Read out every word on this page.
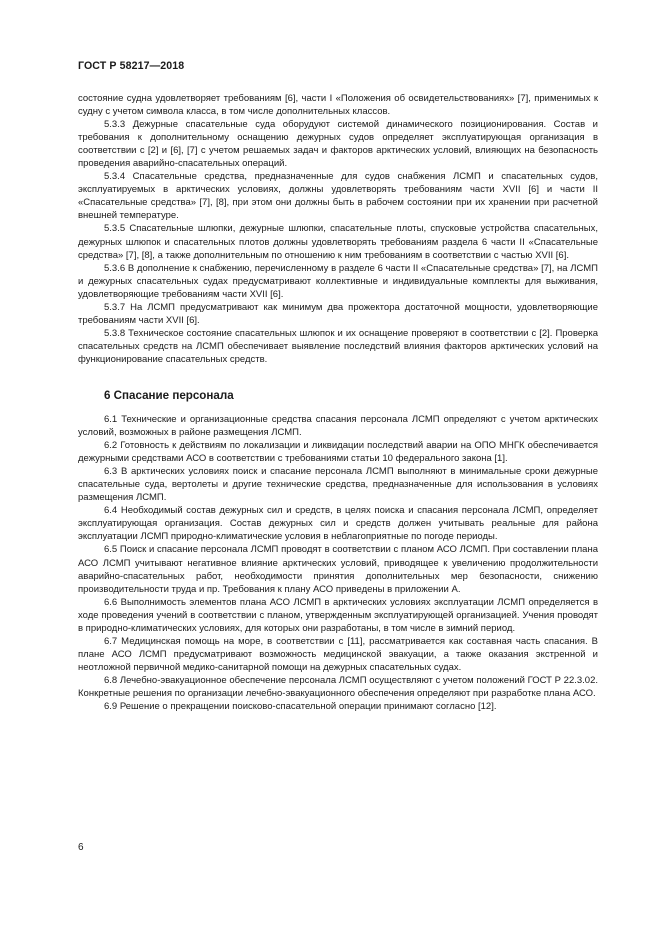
ГОСТ Р 58217—2018

состояние судна удовлетворяет требованиям [6], части I «Положения об освидетельствованиях» [7], применимых к судну с учетом символа класса, в том числе дополнительных классов.

5.3.3 Дежурные спасательные суда оборудуют системой динамического позиционирования. Состав и требования к дополнительному оснащению дежурных судов определяет эксплуатирующая организация в соответствии с [2] и [6], [7] с учетом решаемых задач и факторов арктических условий, влияющих на безопасность проведения аварийно-спасательных операций.

5.3.4 Спасательные средства, предназначенные для судов снабжения ЛСМП и спасательных судов, эксплуатируемых в арктических условиях, должны удовлетворять требованиям части XVII [6] и части II «Спасательные средства» [7], [8], при этом они должны быть в рабочем состоянии при их хранении при расчетной внешней температуре.

5.3.5 Спасательные шлюпки, дежурные шлюпки, спасательные плоты, спусковые устройства спасательных, дежурных шлюпок и спасательных плотов должны удовлетворять требованиям раздела 6 части II «Спасательные средства» [7], [8], а также дополнительным по отношению к ним требованиям в соответствии с частью XVII [6].

5.3.6 В дополнение к снабжению, перечисленному в разделе 6 части II «Спасательные средства» [7], на ЛСМП и дежурных спасательных судах предусматривают коллективные и индивидуальные комплекты для выживания, удовлетворяющие требованиям части XVII [6].

5.3.7 На ЛСМП предусматривают как минимум два прожектора достаточной мощности, удовлетворяющие требованиям части XVII [6].

5.3.8 Техническое состояние спасательных шлюпок и их оснащение проверяют в соответствии с [2]. Проверка спасательных средств на ЛСМП обеспечивает выявление последствий влияния факторов арктических условий на функционирование спасательных средств.

6 Спасание персонала

6.1 Технические и организационные средства спасания персонала ЛСМП определяют с учетом арктических условий, возможных в районе размещения ЛСМП.

6.2 Готовность к действиям по локализации и ликвидации последствий аварии на ОПО МНГК обеспечивается дежурными средствами АСО в соответствии с требованиями статьи 10 федерального закона [1].

6.3 В арктических условиях поиск и спасание персонала ЛСМП выполняют в минимальные сроки дежурные спасательные суда, вертолеты и другие технические средства, предназначенные для использования в условиях размещения ЛСМП.

6.4 Необходимый состав дежурных сил и средств, в целях поиска и спасания персонала ЛСМП, определяет эксплуатирующая организация. Состав дежурных сил и средств должен учитывать реальные для района эксплуатации ЛСМП природно-климатические условия в неблагоприятные по погоде периоды.

6.5 Поиск и спасание персонала ЛСМП проводят в соответствии с планом АСО ЛСМП. При составлении плана АСО ЛСМП учитывают негативное влияние арктических условий, приводящее к увеличению продолжительности аварийно-спасательных работ, необходимости принятия дополнительных мер безопасности, снижению производительности труда и пр. Требования к плану АСО приведены в приложении А.

6.6 Выполнимость элементов плана АСО ЛСМП в арктических условиях эксплуатации ЛСМП определяется в ходе проведения учений в соответствии с планом, утвержденным эксплуатирующей организацией. Учения проводят в природно-климатических условиях, для которых они разработаны, в том числе в зимний период.

6.7 Медицинская помощь на море, в соответствии с [11], рассматривается как составная часть спасания. В плане АСО ЛСМП предусматривают возможность медицинской эвакуации, а также оказания экстренной и неотложной первичной медико-санитарной помощи на дежурных спасательных судах.

6.8 Лечебно-эвакуационное обеспечение персонала ЛСМП осуществляют с учетом положений ГОСТ Р 22.3.02. Конкретные решения по организации лечебно-эвакуационного обеспечения определяют при разработке плана АСО.

6.9 Решение о прекращении поисково-спасательной операции принимают согласно [12].

6
